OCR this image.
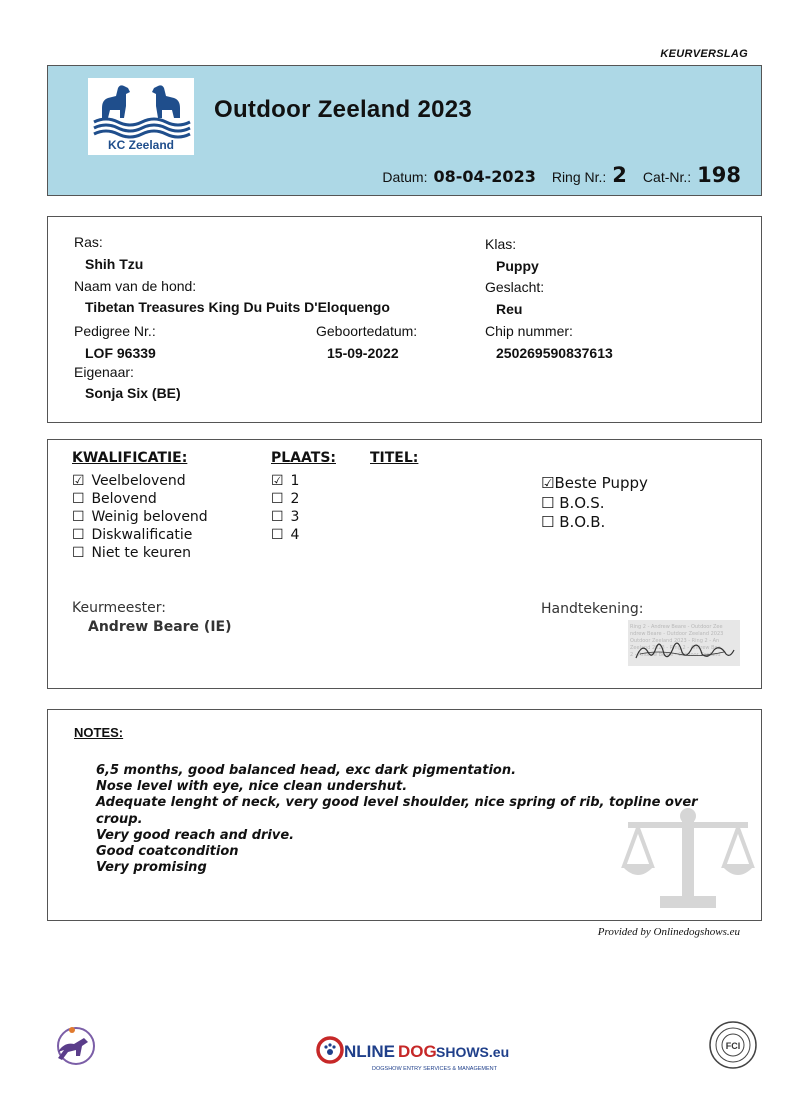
KEURVERSLAG
KC Zeeland
Outdoor Zeeland 2023
Datum: 08-04-2023 Ring Nr.: 2 Cat-Nr.: 198
Ras:
Shih Tzu
Naam van de hond:
Tibetan Treasures King Du Puits D'Eloquengo
Pedigree Nr.:
LOF 96339
Geboortedatum:
15-09-2022
Eigenaar:
Sonja Six (BE)
Klas:
Puppy
Geslacht:
Reu
Chip nummer:
250269590837613
KWALIFICATIE:	PLAATS: TITEL:
☑ Veelbelovend
☐ Belovend
☐ Weinig belovend
☐ Diskwalificatie
☐ Niet te keuren
☑ 1
☐ 2
☐ 3
☐ 4
☑Beste Puppy
☐ B.O.S.
☐ B.O.B.
Keurmeester:
Andrew Beare (IE)
Handtekening:
Ring 2 - Andrew Beare - Outdoor Zee
ndrew Beare - Outdoor Zeeland 2023
Outdoor Zeeland 2023 - Ring 2 - An
Zeeland 2023 - Ring 2 - Andrew Bea
2 - Andrew Beare - Outdoor Zeeland
NOTES:
6,5 months, good balanced head, exc dark pigmentation.
Nose level with eye, nice clean undershut.
Adequate lenght of neck, very good level shoulder, nice spring of rib, topline over
croup.
Very good reach and drive.
Good coatcondition
Very promising
Provided by Onlinedogshows.eu
NLINE DOG SHOWS.eu
DOGSHOW ENTRY SERVICES & MANAGEMENT
FCI
